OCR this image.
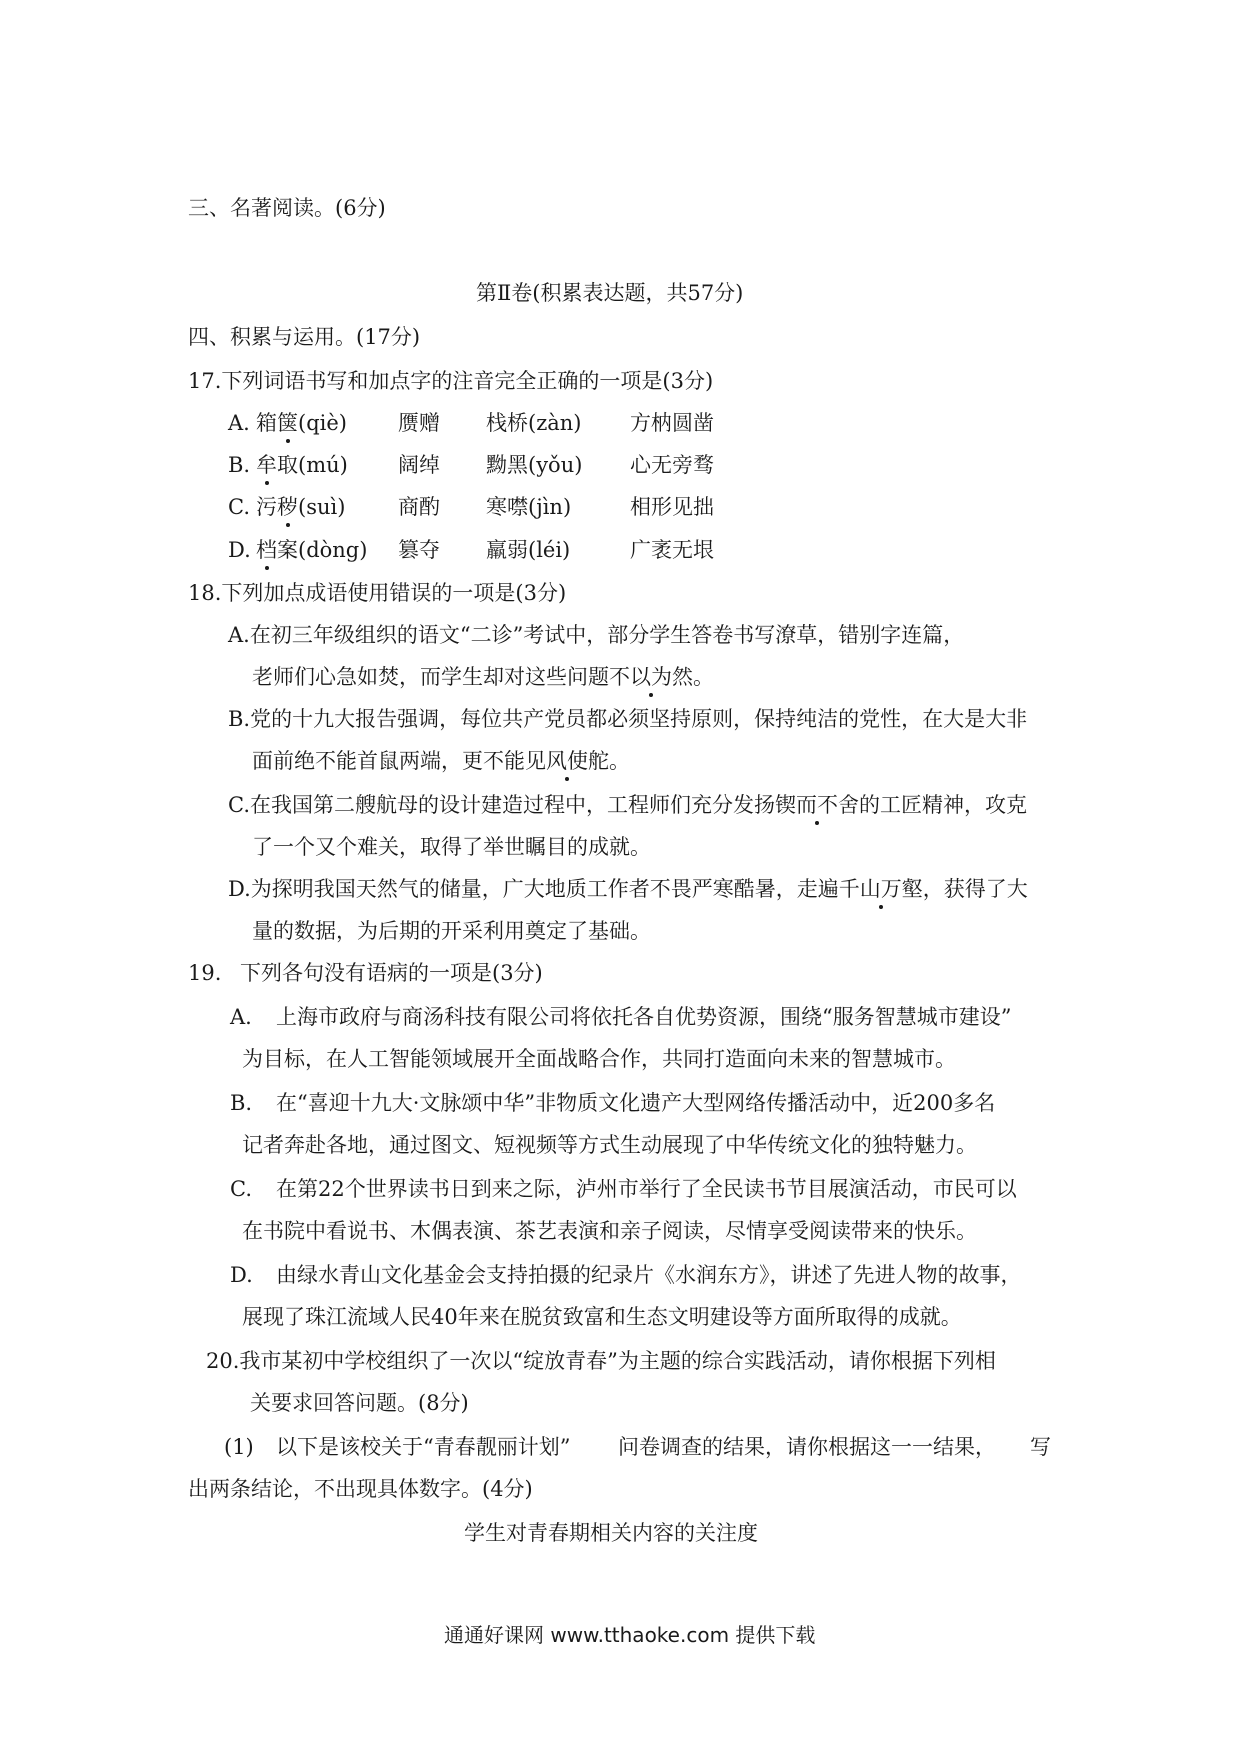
三、名著阅读。(6分)
第Ⅱ卷(积累表达题，共57分)
四、积累与运用。(17分)
17.下列词语书写和加点字的注音完全正确的一项是(3分)
A. 箱箧(qiè) 赝赠 栈桥(zàn) 方枘圆凿
B. 牟取(mú) 阔绰 黝黑(yǒu) 心无旁骛
C. 污秽(suì)	商酌 寒噤(jìn)	相形见拙
D. 档案(dòng) 篡夺 羸弱(léi)	广袤无垠
18.下列加点成语使用错误的一项是(3分)
A.在初三年级组织的语文“二诊”考试中，部分学生答卷书写潦草，错别字连篇，
老师们心急如焚，而学生却对这些问题不以为然。
B.党的十九大报告强调，每位共产党员都必须坚持原则，保持纯洁的党性，在大是大非
面前绝不能首鼠两端，更不能见风使舵。
C.在我国第二艘航母的设计建造过程中，工程师们充分发扬锲而不舍的工匠精神，攻克
了一个又个难关，取得了举世瞩目的成就。
D.为探明我国天然气的储量，广大地质工作者不畏严寒酷暑，走遍千山万壑，获得了大
量的数据，为后期的开采利用奠定了基础。
19. 下列各句没有语病的一项是(3分)
A. 上海市政府与商汤科技有限公司将依托各自优势资源，围绕“服务智慧城市建设”
为目标，在人工智能领域展开全面战略合作，共同打造面向未来的智慧城市。
B. 在“喜迎十九大·文脉颂中华”非物质文化遗产大型网络传播活动中，近200多名
记者奔赴各地，通过图文、短视频等方式生动展现了中华传统文化的独特魅力。
C. 在第22个世界读书日到来之际，泸州市举行了全民读书节目展演活动，市民可以
在书院中看说书、木偶表演、茶艺表演和亲子阅读，尽情享受阅读带来的快乐。
D. 由绿水青山文化基金会支持拍摄的纪录片《水润东方》，讲述了先进人物的故事，
展现了珠江流域人民40年来在脱贫致富和生态文明建设等方面所取得的成就。
20.我市某初中学校组织了一次以“绽放青春”为主题的综合实践活动，请你根据下列相
关要求回答问题。(8分)
(1) 以下是该校关于“青春靓丽计划” 问卷调查的结果，请你根据这一一结果， 写
出两条结论，不出现具体数字。(4分)
学生对青春期相关内容的关注度
通通好课网 www.tthaoke.com 提供下载
